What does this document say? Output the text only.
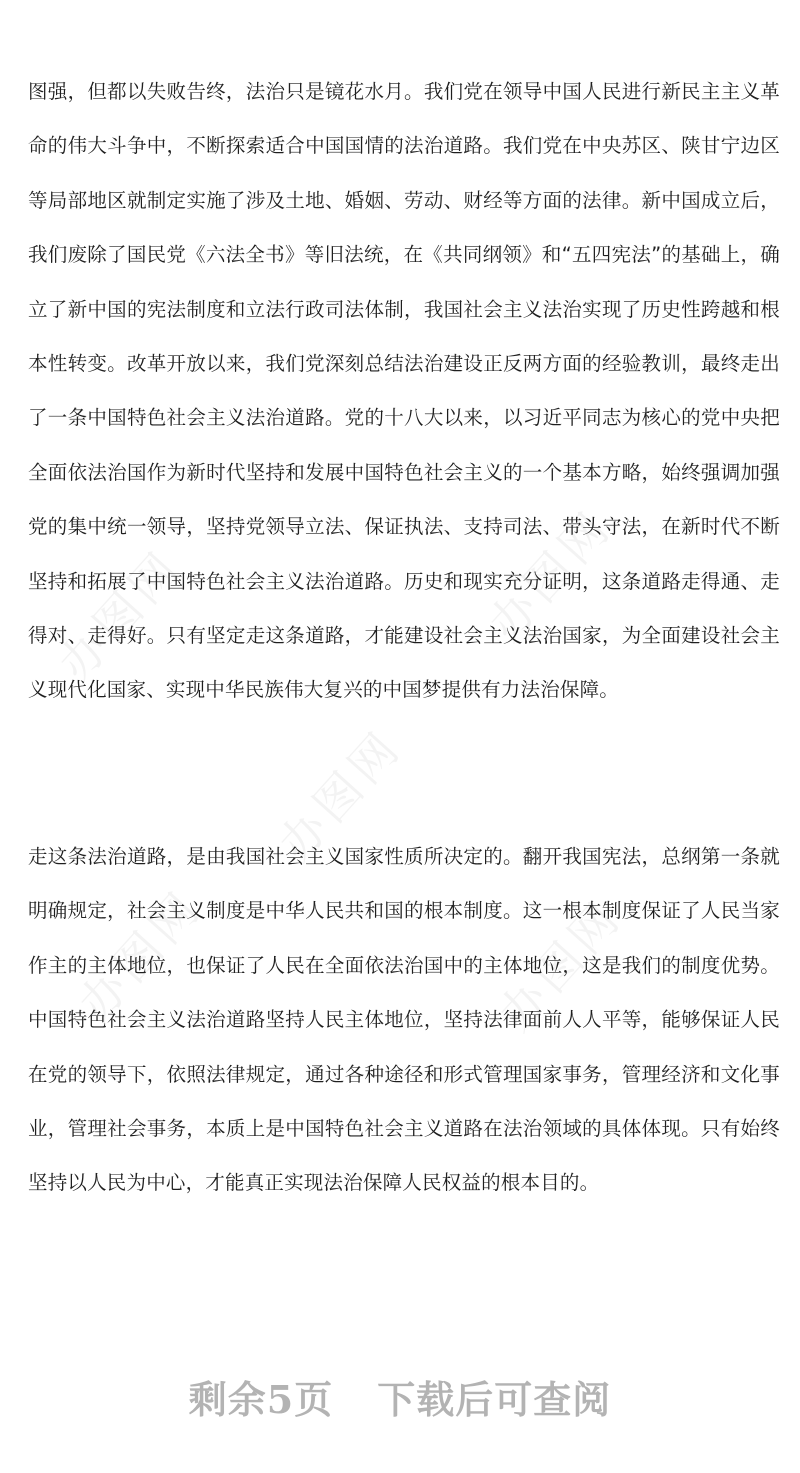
办图网	办图网
办图网
办图网	办图网

图强，但都以失败告终，法治只是镜花水月。我们党在领导中国人民进行新民主主义革命的伟大斗争中，不断探索适合中国国情的法治道路。我们党在中央苏区、陕甘宁边区等局部地区就制定实施了涉及土地、婚姻、劳动、财经等方面的法律。新中国成立后，我们废除了国民党《六法全书》等旧法统，在《共同纲领》和“五四宪法”的基础上，确立了新中国的宪法制度和立法行政司法体制，我国社会主义法治实现了历史性跨越和根本性转变。改革开放以来，我们党深刻总结法治建设正反两方面的经验教训，最终走出了一条中国特色社会主义法治道路。党的十八大以来，以习近平同志为核心的党中央把全面依法治国作为新时代坚持和发展中国特色社会主义的一个基本方略，始终强调加强党的集中统一领导，坚持党领导立法、保证执法、支持司法、带头守法，在新时代不断坚持和拓展了中国特色社会主义法治道路。历史和现实充分证明，这条道路走得通、走得对、走得好。只有坚定走这条道路，才能建设社会主义法治国家，为全面建设社会主义现代化国家、实现中华民族伟大复兴的中国梦提供有力法治保障。

走这条法治道路，是由我国社会主义国家性质所决定的。翻开我国宪法，总纲第一条就明确规定，社会主义制度是中华人民共和国的根本制度。这一根本制度保证了人民当家作主的主体地位，也保证了人民在全面依法治国中的主体地位，这是我们的制度优势。中国特色社会主义法治道路坚持人民主体地位，坚持法律面前人人平等，能够保证人民在党的领导下，依照法律规定，通过各种途径和形式管理国家事务，管理经济和文化事业，管理社会事务，本质上是中国特色社会主义道路在法治领域的具体体现。只有始终坚持以人民为中心，才能真正实现法治保障人民权益的根本目的。

剩余5页 下载后可查阅
